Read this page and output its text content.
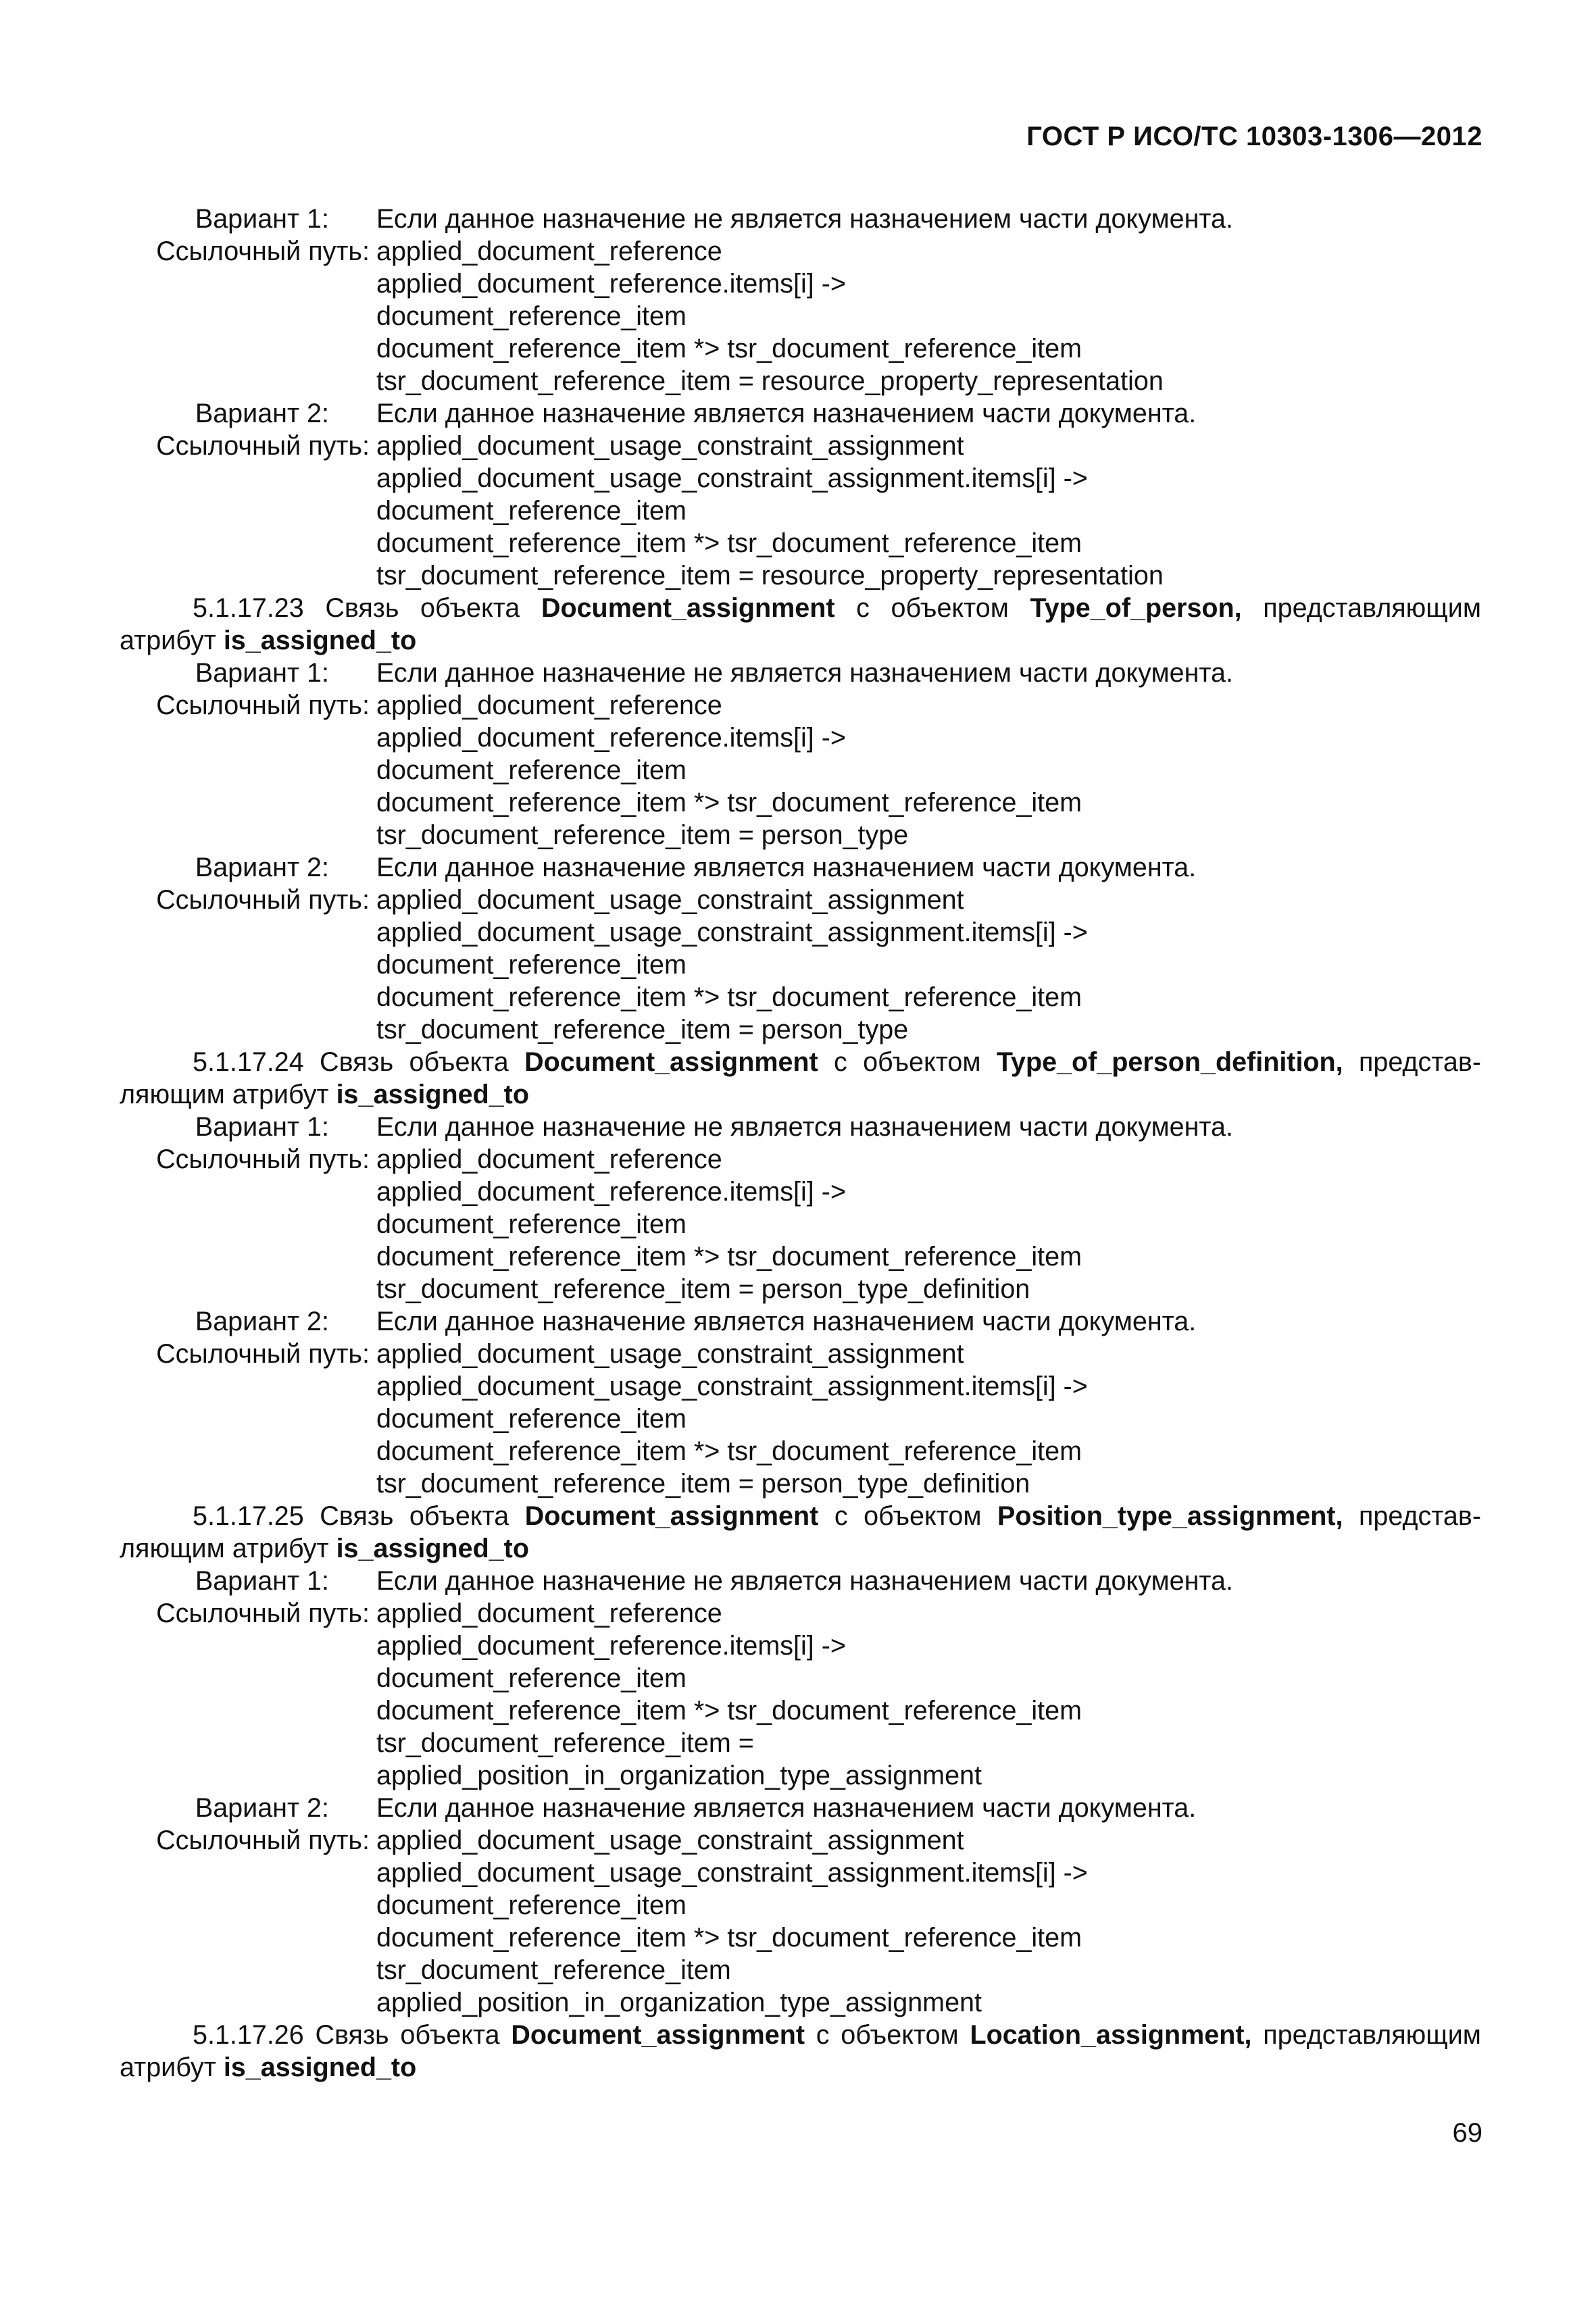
ГОСТ Р ИСО/ТС 10303-1306—2012
Вариант 1:	Если данное назначение не является назначением части документа.
Ссылочный путь: applied_document_reference
applied_document_reference.items[i] ->
document_reference_item
document_reference_item *> tsr_document_reference_item
tsr_document_reference_item = resource_property_representation
Вариант 2:	Если данное назначение является назначением части документа.
Ссылочный путь: applied_document_usage_constraint_assignment
applied_document_usage_constraint_assignment.items[i] ->
document_reference_item
document_reference_item *> tsr_document_reference_item
tsr_document_reference_item = resource_property_representation
5.1.17.23 Связь объекта Document_assignment с объектом Type_of_person, представляющим
атрибут is_assigned_to
Вариант 1:	Если данное назначение не является назначением части документа.
Ссылочный путь: applied_document_reference
applied_document_reference.items[i] ->
document_reference_item
document_reference_item *> tsr_document_reference_item
tsr_document_reference_item = person_type
Вариант 2:	Если данное назначение является назначением части документа.
Ссылочный путь: applied_document_usage_constraint_assignment
applied_document_usage_constraint_assignment.items[i] ->
document_reference_item
document_reference_item *> tsr_document_reference_item
tsr_document_reference_item = person_type
5.1.17.24 Связь объекта Document_assignment с объектом Type_of_person_definition, представ-
ляющим атрибут is_assigned_to
Вариант 1:	Если данное назначение не является назначением части документа.
Ссылочный путь: applied_document_reference
applied_document_reference.items[i] ->
document_reference_item
document_reference_item *> tsr_document_reference_item
tsr_document_reference_item = person_type_definition
Вариант 2:	Если данное назначение является назначением части документа.
Ссылочный путь: applied_document_usage_constraint_assignment
applied_document_usage_constraint_assignment.items[i] ->
document_reference_item
document_reference_item *> tsr_document_reference_item
tsr_document_reference_item = person_type_definition
5.1.17.25 Связь объекта Document_assignment с объектом Position_type_assignment, представ-
ляющим атрибут is_assigned_to
Вариант 1:	Если данное назначение не является назначением части документа.
Ссылочный путь: applied_document_reference
applied_document_reference.items[i] ->
document_reference_item
document_reference_item *> tsr_document_reference_item
tsr_document_reference_item =
applied_position_in_organization_type_assignment
Вариант 2:	Если данное назначение является назначением части документа.
Ссылочный путь: applied_document_usage_constraint_assignment
applied_document_usage_constraint_assignment.items[i] ->
document_reference_item
document_reference_item *> tsr_document_reference_item
tsr_document_reference_item
applied_position_in_organization_type_assignment
5.1.17.26 Связь объекта Document_assignment с объектом Location_assignment, представляющим
атрибут is_assigned_to
69
